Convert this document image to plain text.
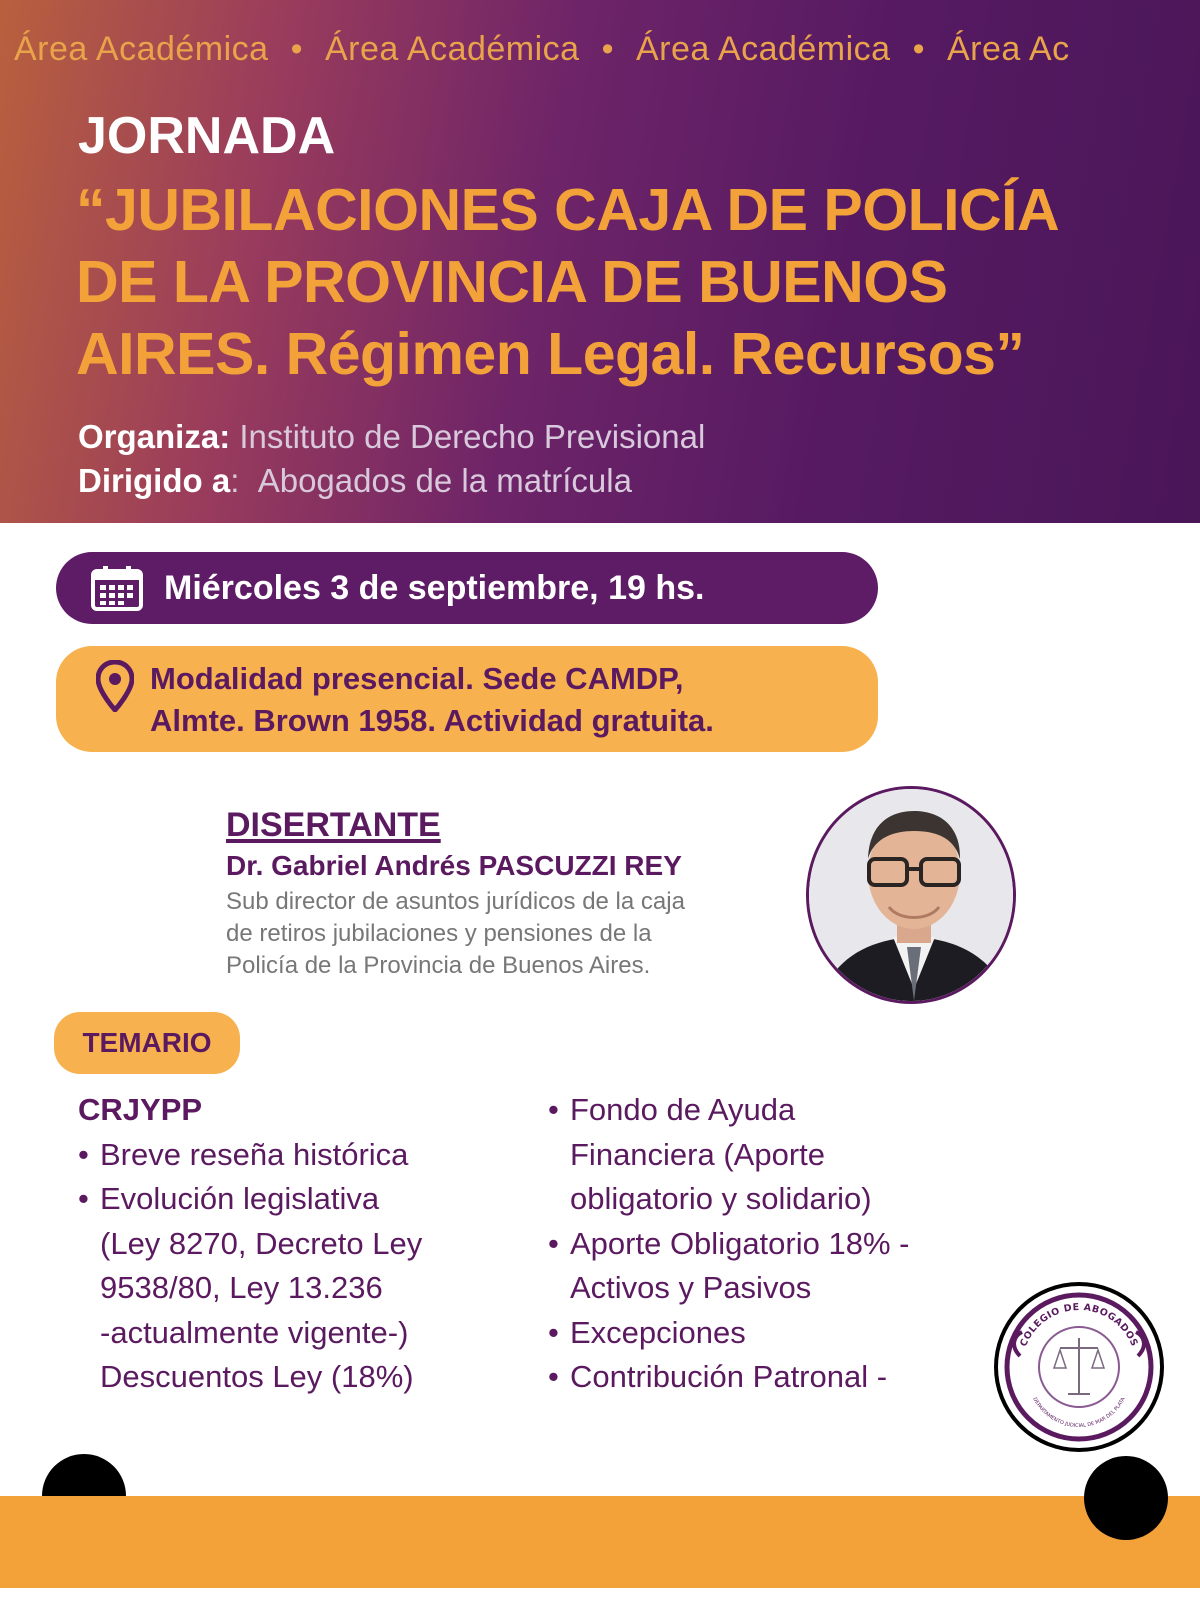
Área Académica • Área Académica • Área Académica • Área Ac
JORNADA
“JUBILACIONES CAJA DE POLICÍA
DE LA PROVINCIA DE BUENOS
AIRES. Régimen Legal. Recursos”
Organiza: Instituto de Derecho Previsional
Dirigido a: Abogados de la matrícula
Miércoles 3 de septiembre, 19 hs.
Modalidad presencial. Sede CAMDP,
Almte. Brown 1958. Actividad gratuita.
DISERTANTE
Dr. Gabriel Andrés PASCUZZI REY
Sub director de asuntos jurídicos de la caja
de retiros jubilaciones y pensiones de la
Policía de la Provincia de Buenos Aires.
TEMARIO
CRJYPP
• Breve reseña histórica
• Evolución legislativa
(Ley 8270, Decreto Ley
9538/80, Ley 13.236
-actualmente vigente-)
Descuentos Ley (18%)
• Fondo de Ayuda
Financiera (Aporte
obligatorio y solidario)
• Aporte Obligatorio 18% -
Activos y Pasivos
• Excepciones
• Contribución Patronal -
COLEGIO DE ABOGADOS
DEPARTAMENTO JUDICIAL DE MAR DEL PLATA
